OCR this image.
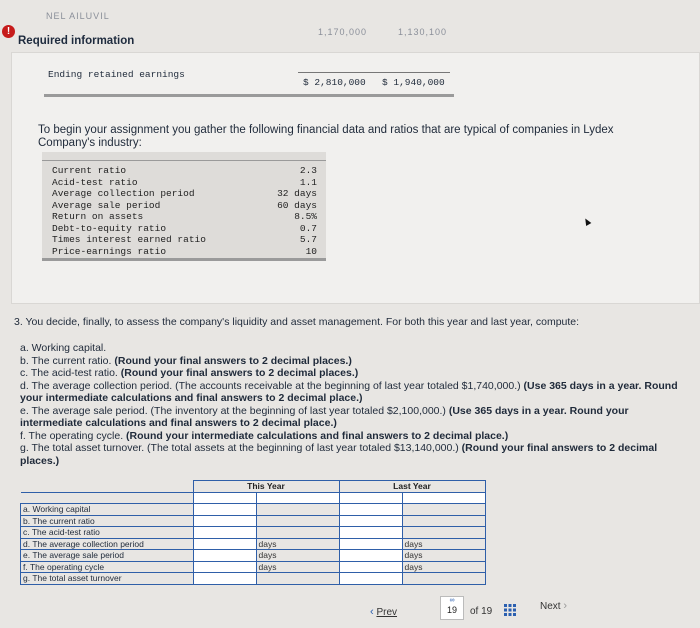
NEL AILUVIL
1,170,000	1,130,100
!
Required information
Ending retained earnings
$ 2,810,000 $ 1,940,000
To begin your assignment you gather the following financial data and ratios that are typical of companies in Lydex Company's industry:
Current ratio	2.3
Acid-test ratio	1.1
Average collection period	32 days
Average sale period	60 days
Return on assets	8.5%
Debt-to-equity ratio	0.7
Times interest earned ratio	5.7
Price-earnings ratio	10
3. You decide, finally, to assess the company's liquidity and asset management. For both this year and last year, compute:
a. Working capital.
b. The current ratio. (Round your final answers to 2 decimal places.)
c. The acid-test ratio. (Round your final answers to 2 decimal places.)
d. The average collection period. (The accounts receivable at the beginning of last year totaled $1,740,000.) (Use 365 days in a year. Round your intermediate calculations and final answers to 2 decimal place.)
e. The average sale period. (The inventory at the beginning of last year totaled $2,100,000.) (Use 365 days in a year. Round your intermediate calculations and final answers to 2 decimal place.)
f. The operating cycle. (Round your intermediate calculations and final answers to 2 decimal place.)
g. The total asset turnover. (The total assets at the beginning of last year totaled $13,140,000.) (Round your final answers to 2 decimal places.)
	This Year		Last Year	

a. Working capital				
b. The current ratio				
c. The acid-test ratio				
d. The average collection period		days		days
e. The average sale period		days		days
f. The operating cycle		days		days
g. The total asset turnover				
‹ Prev
∞
19	of 19	Next ›
